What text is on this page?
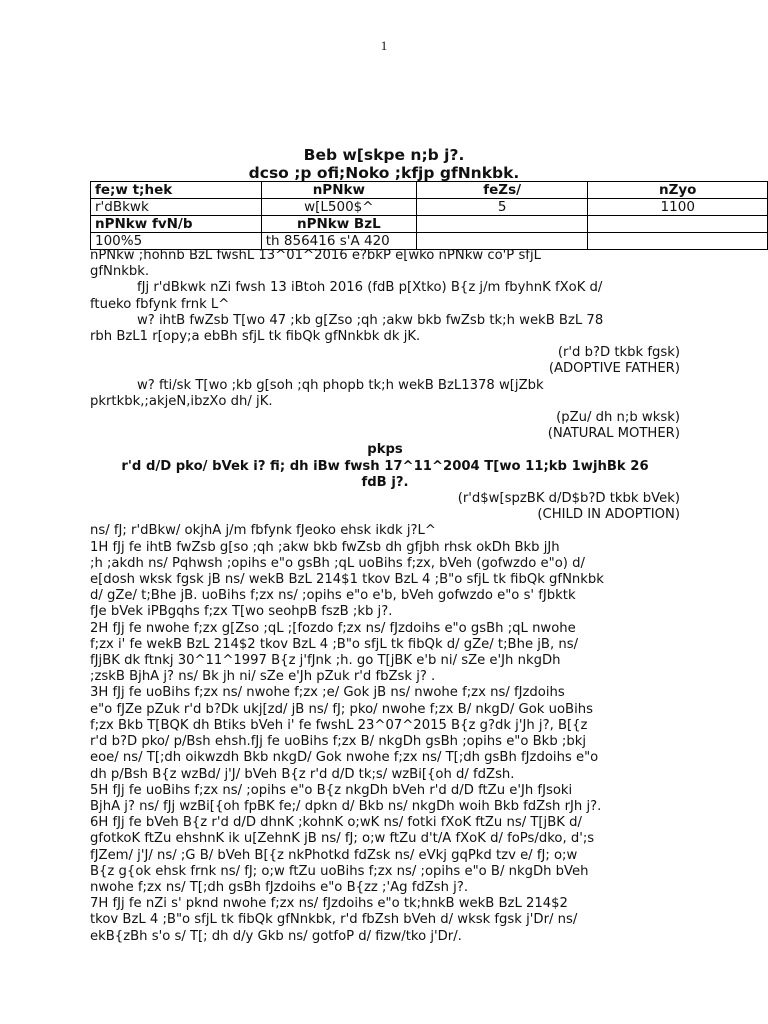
1
Beb w[skpe n;b j?.
dcso ;p ofi;Noko ;kfjp gfNnkbk.
fe;w t;hek	nPNkw	feZs/	nZyo
r'dBkwk	w[L500$^	5	1100
nPNkw fvN/b	nPNkw BzL		
100%5	th 856416 s'A 420		

nPNkw ;hohnb BzL fwshL 13^01^2016 e?bkP e[wko nPNkw co'P sfjL

gfNnkbk.

fJj r'dBkwk nZi fwsh 13 iBtoh 2016 (fdB p[Xtko) B{z j/m fbyhnK fXoK d/

ftueko fbfynk frnk L^

w? ihtB fwZsb T[wo 47 ;kb g[Zso ;qh ;akw bkb fwZsb tk;h wekB BzL 78

rbh BzL1 r[opy;a ebBh sfjL tk fibQk gfNnkbk dk jK.

(r'd b?D tkbk fgsk)

(ADOPTIVE FATHER)

w? fti/sk T[wo ;kb g[soh ;qh phopb tk;h wekB BzL1378 w[jZbk

pkrtkbk,;akjeN,ibzXo dh/ jK.

(pZu/ dh n;b wksk)

(NATURAL MOTHER)

pkps

r'd d/D pko/ bVek i? fi; dh iBw fwsh 17^11^2004 T[wo 11;kb 1wjhBk 26

fdB j?.

(r'd$w[spzBK d/D$b?D tkbk bVek)

(CHILD IN ADOPTION)

ns/ fJ; r'dBkw/ okjhA j/m fbfynk fJeoko ehsk ikdk j?L^

1H fJj fe ihtB fwZsb g[so ;qh ;akw bkb fwZsb dh gfjbh rhsk okDh Bkb jJh

;h ;akdh ns/ Pqhwsh ;opihs e"o gsBh ;qL uoBihs f;zx, bVeh (gofwzdo e"o) d/

e[dosh wksk fgsk jB ns/ wekB BzL 214$1 tkov BzL 4 ;B"o sfjL tk fibQk gfNnkbk

d/ gZe/ t;Bhe jB. uoBihs f;zx ns/ ;opihs e"o e'b, bVeh gofwzdo e"o s' fJbktk

fJe bVek iPBgqhs f;zx T[wo seohpB fszB ;kb j?.

2H fJj fe nwohe f;zx g[Zso ;qL ;[fozdo f;zx ns/ fJzdoihs e"o gsBh ;qL nwohe

f;zx i' fe wekB BzL 214$2 tkov BzL 4 ;B"o sfjL tk fibQk d/ gZe/ t;Bhe jB, ns/

fJjBK dk ftnkj 30^11^1997 B{z j'fJnk ;h. go T[jBK e'b ni/ sZe e'Jh nkgDh

;zskB BjhA j? ns/ Bk jh ni/ sZe e'Jh pZuk r'd fbZsk j? .

3H fJj fe uoBihs f;zx ns/ nwohe f;zx ;e/ Gok jB ns/ nwohe f;zx ns/ fJzdoihs

e"o fJZe pZuk r'd b?Dk ukj[zd/ jB ns/ fJ; pko/ nwohe f;zx B/ nkgD/ Gok uoBihs

f;zx Bkb T[BQK dh Btiks bVeh i' fe fwshL 23^07^2015 B{z g?dk j'Jh j?, B[{z

r'd b?D pko/ p/Bsh ehsh.fJj fe uoBihs f;zx B/ nkgDh gsBh ;opihs e"o Bkb ;bkj

eoe/ ns/ T[;dh oikwzdh Bkb nkgD/ Gok nwohe f;zx ns/ T[;dh gsBh fJzdoihs e"o

dh p/Bsh B{z wzBd/ j'J/ bVeh B{z r'd d/D tk;s/ wzBi[{oh d/ fdZsh.

5H fJj fe uoBihs f;zx ns/ ;opihs e"o B{z nkgDh bVeh r'd d/D ftZu e'Jh fJsoki

BjhA j? ns/ fJj wzBi[{oh fpBK fe;/ dpkn d/ Bkb ns/ nkgDh woih Bkb fdZsh rJh j?.

6H fJj fe bVeh B{z r'd d/D dhnK ;kohnK o;wK ns/ fotki fXoK ftZu ns/ T[jBK d/

gfotkoK ftZu ehshnK ik u[ZehnK jB ns/ fJ; o;w ftZu d't/A fXoK d/ foPs/dko, d';s

fJZem/ j'J/ ns/ ;G B/ bVeh B[{z nkPhotkd fdZsk ns/ eVkj gqPkd tzv e/ fJ; o;w

B{z g{ok ehsk frnk ns/ fJ; o;w ftZu uoBihs f;zx ns/ ;opihs e"o B/ nkgDh bVeh

nwohe f;zx ns/ T[;dh gsBh fJzdoihs e"o B{zz ;'Ag fdZsh j?.

7H fJj fe nZi s' pknd nwohe f;zx ns/ fJzdoihs e"o tk;hnkB wekB BzL 214$2

tkov BzL 4 ;B"o sfjL tk fibQk gfNnkbk, r'd fbZsh bVeh d/ wksk fgsk j'Dr/ ns/

ekB{zBh s'o s/ T[; dh d/y Gkb ns/ gotfoP d/ fizw/tko j'Dr/.
